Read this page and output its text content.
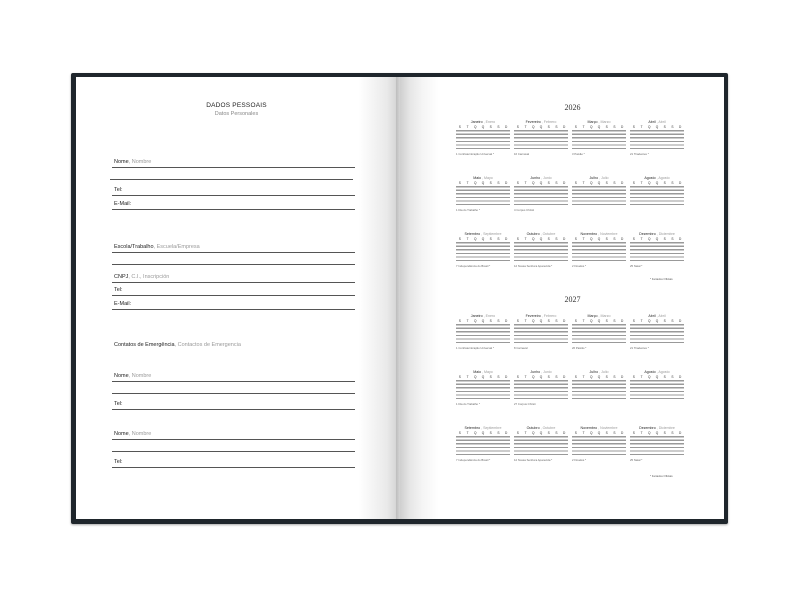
DADOS PESSOAIS
Datos Personales
Nome, Nombre
Tel:
E-Mail:
Escola/Trabalho, Escuela/Empresa
CNPJ, C.I., Inscripción
Tel:
E-Mail:
Contatos de Emergência, Contactos de Emergencia
Nome, Nombre
Tel:
Nome, Nombre
Tel:
2026
2027
Janeiro , Enero
S	T	Q	Q	S	S	D
1 Confraternização Universal *
Fevereiro , Febrero
S	T	Q	Q	S	S	D
16 Carnaval
Março , Marzo
S	T	Q	Q	S	S	D
3 Paixão *
Abril , Abril
S	T	Q	Q	S	S	D
21 Tiradentes *
Maio , Mayo
S	T	Q	Q	S	S	D
1 Dia do Trabalho *
Junho , Junio
S	T	Q	Q	S	S	D
4 Corpus Christi
Julho , Julio
S	T	Q	Q	S	S	D
Agosto , Agosto
S	T	Q	Q	S	S	D
Setembro , Septiembre
S	T	Q	Q	S	S	D
7 Independência do Brasil *
Outubro , Octubre
S	T	Q	Q	S	S	D
12 Nossa Senhora Aparecida *
Novembro , Noviembre
S	T	Q	Q	S	S	D
2 Finados *
Dezembro , Diciembre
S	T	Q	Q	S	S	D
25 Natal *
Janeiro , Enero
S	T	Q	Q	S	S	D
1 Confraternização Universal *
Fevereiro , Febrero
S	T	Q	Q	S	S	D
8 Carnaval
Março , Marzo
S	T	Q	Q	S	S	D
26 Paixão *
Abril , Abril
S	T	Q	Q	S	S	D
21 Tiradentes *
Maio , Mayo
S	T	Q	Q	S	S	D
1 Dia do Trabalho *
Junho , Junio
S	T	Q	Q	S	S	D
27 Corpus Christi
Julho , Julio
S	T	Q	Q	S	S	D
Agosto , Agosto
S	T	Q	Q	S	S	D
Setembro , Septiembre
S	T	Q	Q	S	S	D
7 Independência do Brasil *
Outubro , Octubre
S	T	Q	Q	S	S	D
12 Nossa Senhora Aparecida *
Novembro , Noviembre
S	T	Q	Q	S	S	D
2 Finados *
Dezembro , Diciembre
S	T	Q	Q	S	S	D
25 Natal *
* Feriados Oficiais
* Feriados Oficiais
